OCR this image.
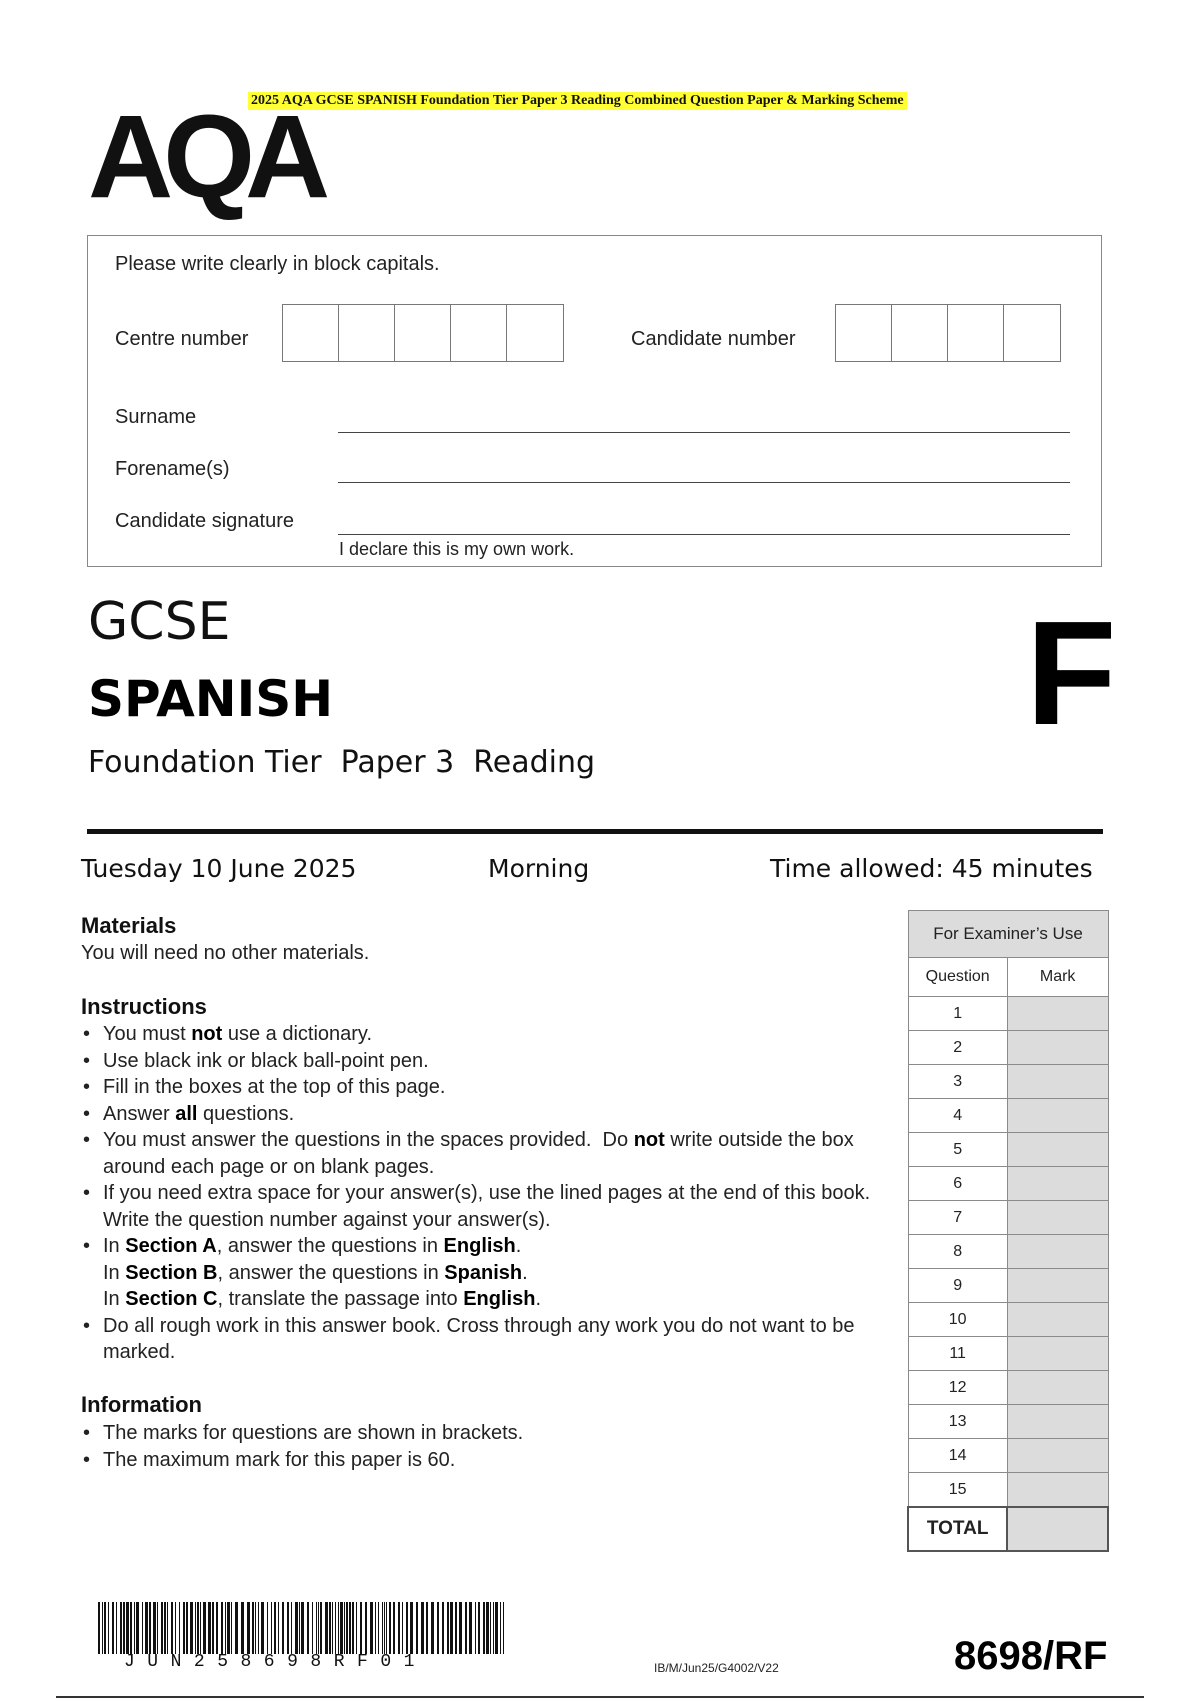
2025 AQA GCSE SPANISH Foundation Tier Paper 3 Reading Combined Question Paper & Marking Scheme
AQA
Please write clearly in block capitals.
Centre number	Candidate number
Surname
Forename(s)
Candidate signature
I declare this is my own work.
GCSE
SPANISH
Foundation Tier  Paper 3  Reading
F
Tuesday 10 June 2025	Morning	Time allowed: 45 minutes
Materials
You will need no other materials.
Instructions
• You must not use a dictionary.
• Use black ink or black ball-point pen.
• Fill in the boxes at the top of this page.
• Answer all questions.
• You must answer the questions in the spaces provided.  Do not write outside the box around each page or on blank pages.
• If you need extra space for your answer(s), use the lined pages at the end of this book.  Write the question number against your answer(s).
• In Section A, answer the questions in English.
In Section B, answer the questions in Spanish.
In Section C, translate the passage into English.
• Do all rough work in this answer book. Cross through any work you do not want to be marked.
Information
• The marks for questions are shown in brackets.
• The maximum mark for this paper is 60.
For Examiner’s Use	
Question	Mark
1	
2	
3	
4	
5	
6	
7	
8	
9	
10	
11	
12	
13	
14	
15	
TOTAL	
JUN258698RF01	IB/M/Jun25/G4002/V22	8698/RF
